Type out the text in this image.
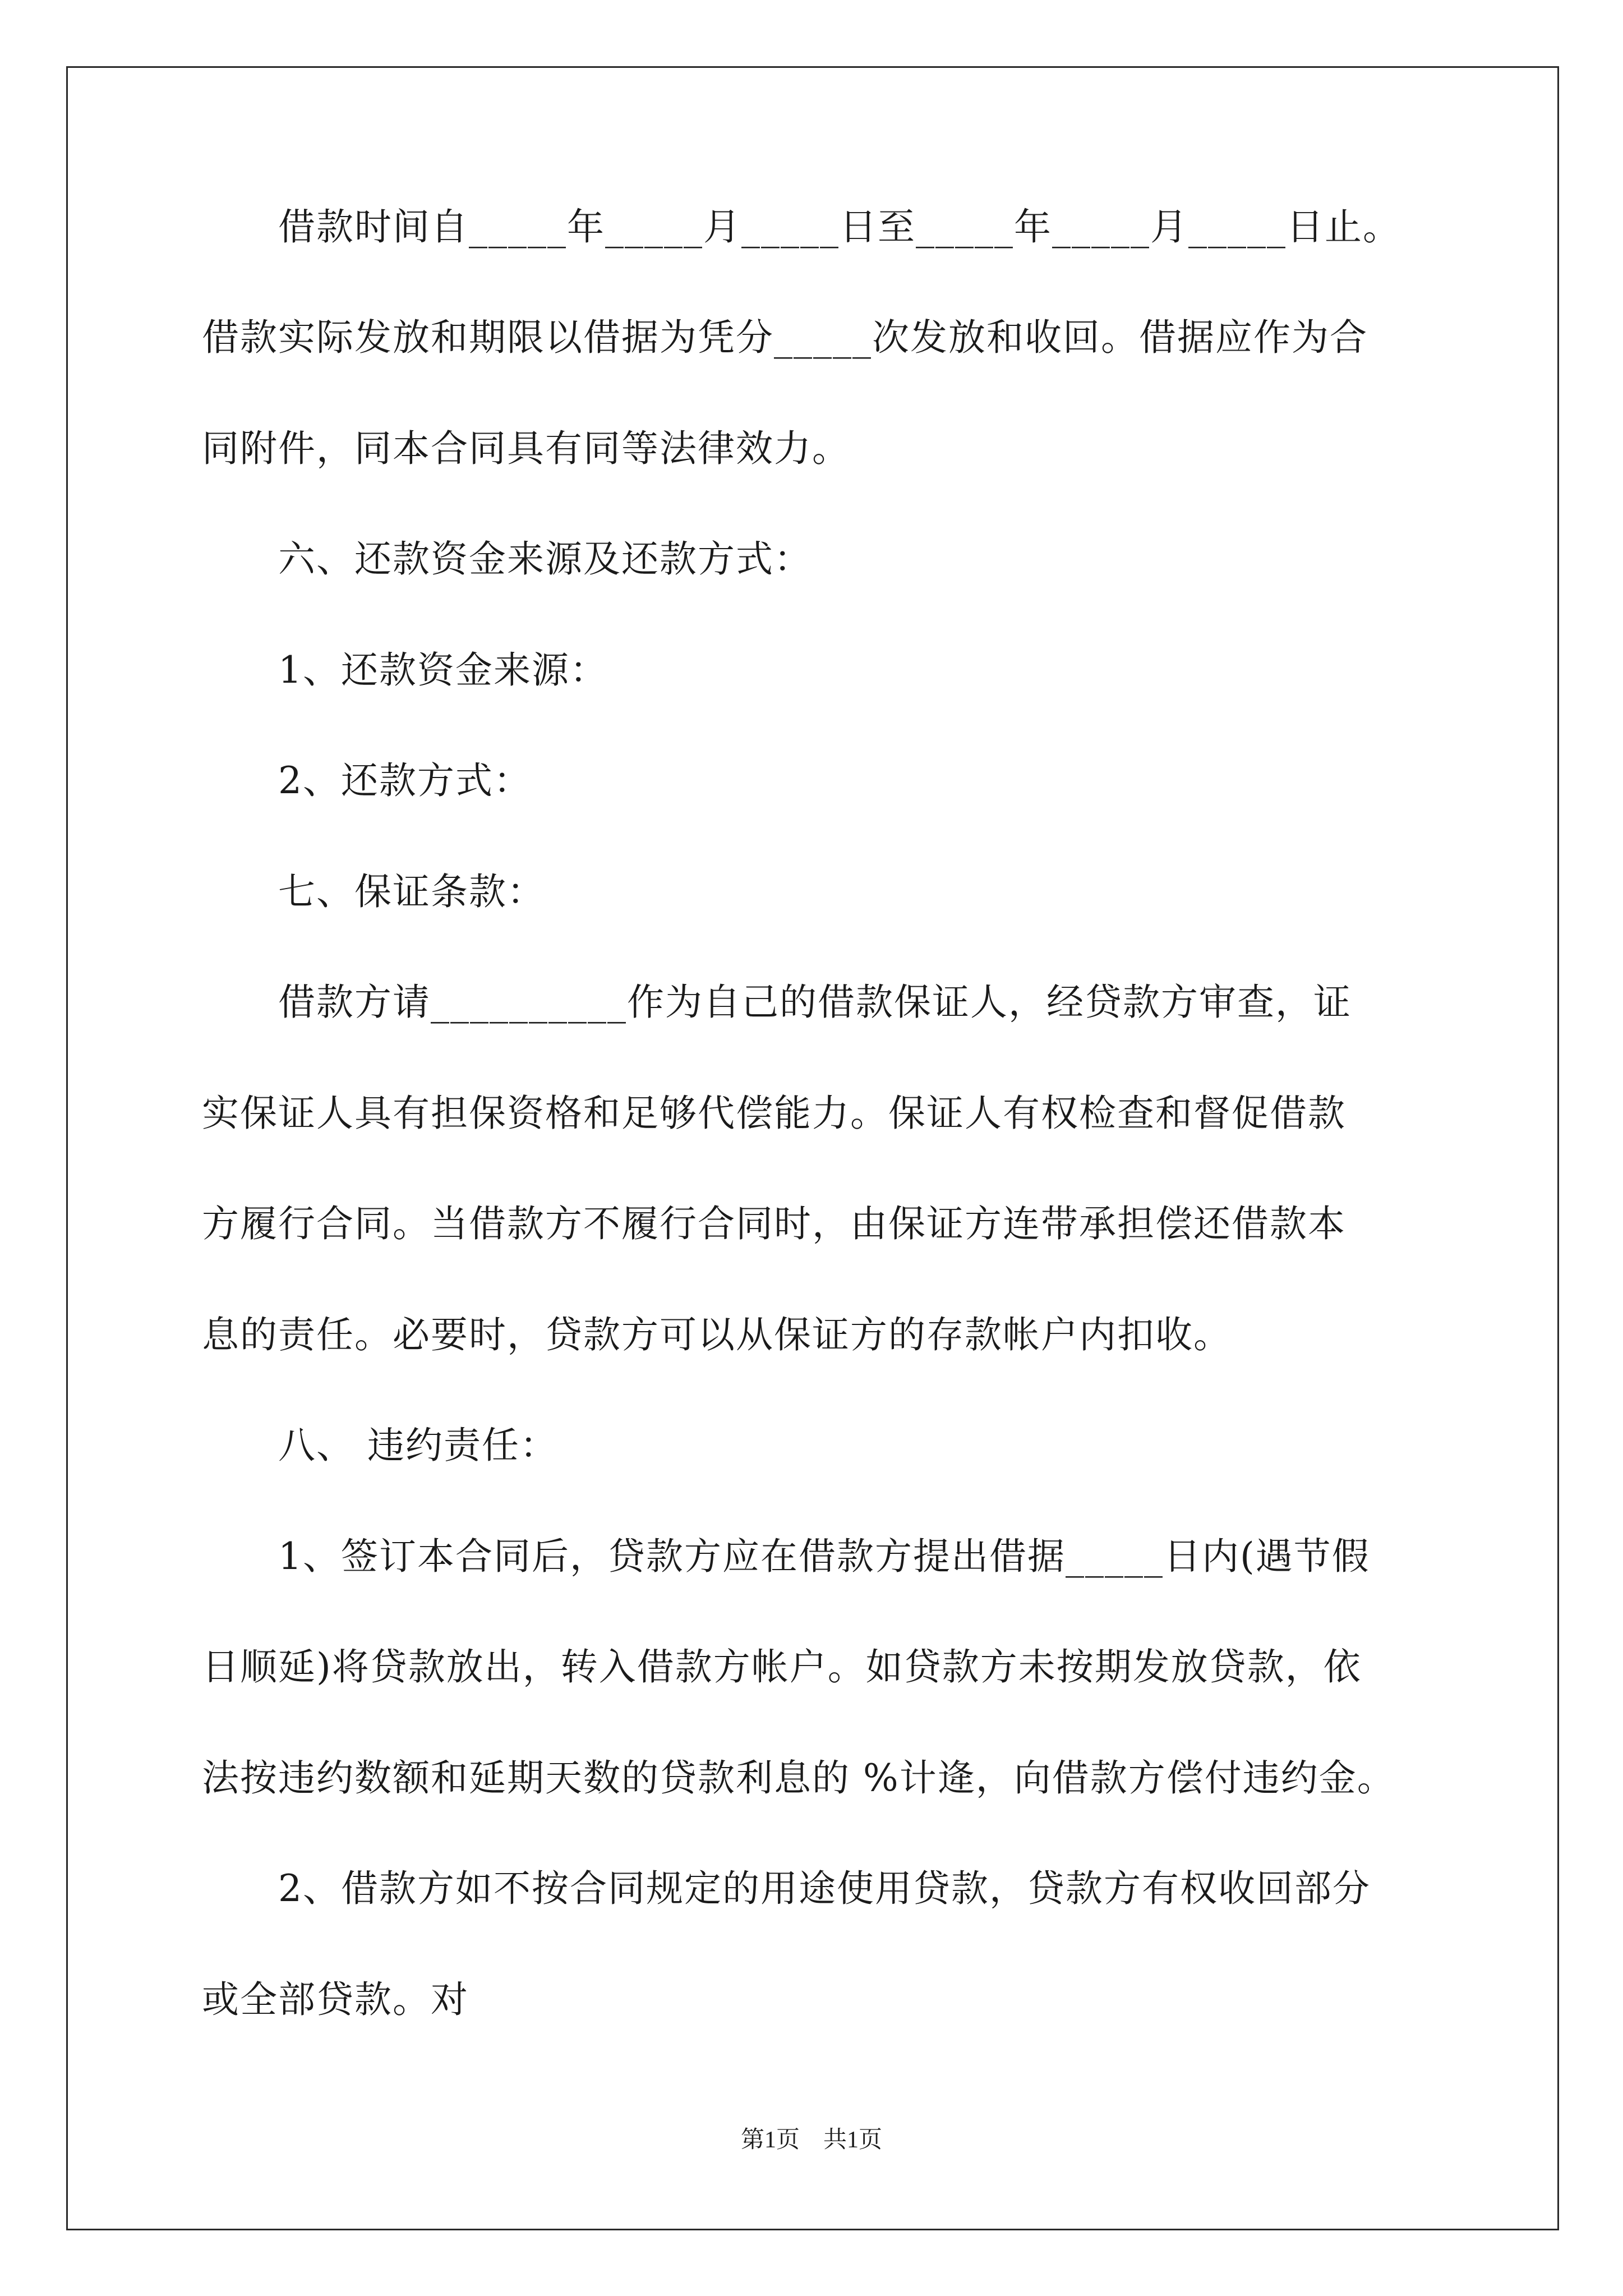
　　借款时间自_____年_____月_____日至_____年_____月_____日止。
借款实际发放和期限以借据为凭分_____次发放和收回。借据应作为合
同附件，同本合同具有同等法律效力。
　　六、还款资金来源及还款方式：
　　1、还款资金来源：
　　2、还款方式：
　　七、保证条款：
　　借款方请__________作为自己的借款保证人，经贷款方审查，证
实保证人具有担保资格和足够代偿能力。保证人有权检查和督促借款
方履行合同。当借款方不履行合同时，由保证方连带承担偿还借款本
息的责任。必要时，贷款方可以从保证方的存款帐户内扣收。
　　八、 违约责任：
　　1、签订本合同后，贷款方应在借款方提出借据_____日内(遇节假
日顺延)将贷款放出，转入借款方帐户。如贷款方未按期发放贷款，依
法按违约数额和延期天数的贷款利息的 %计逄，向借款方偿付违约金。
　　2、借款方如不按合同规定的用途使用贷款，贷款方有权收回部分
或全部贷款。对
第1页　共1页
